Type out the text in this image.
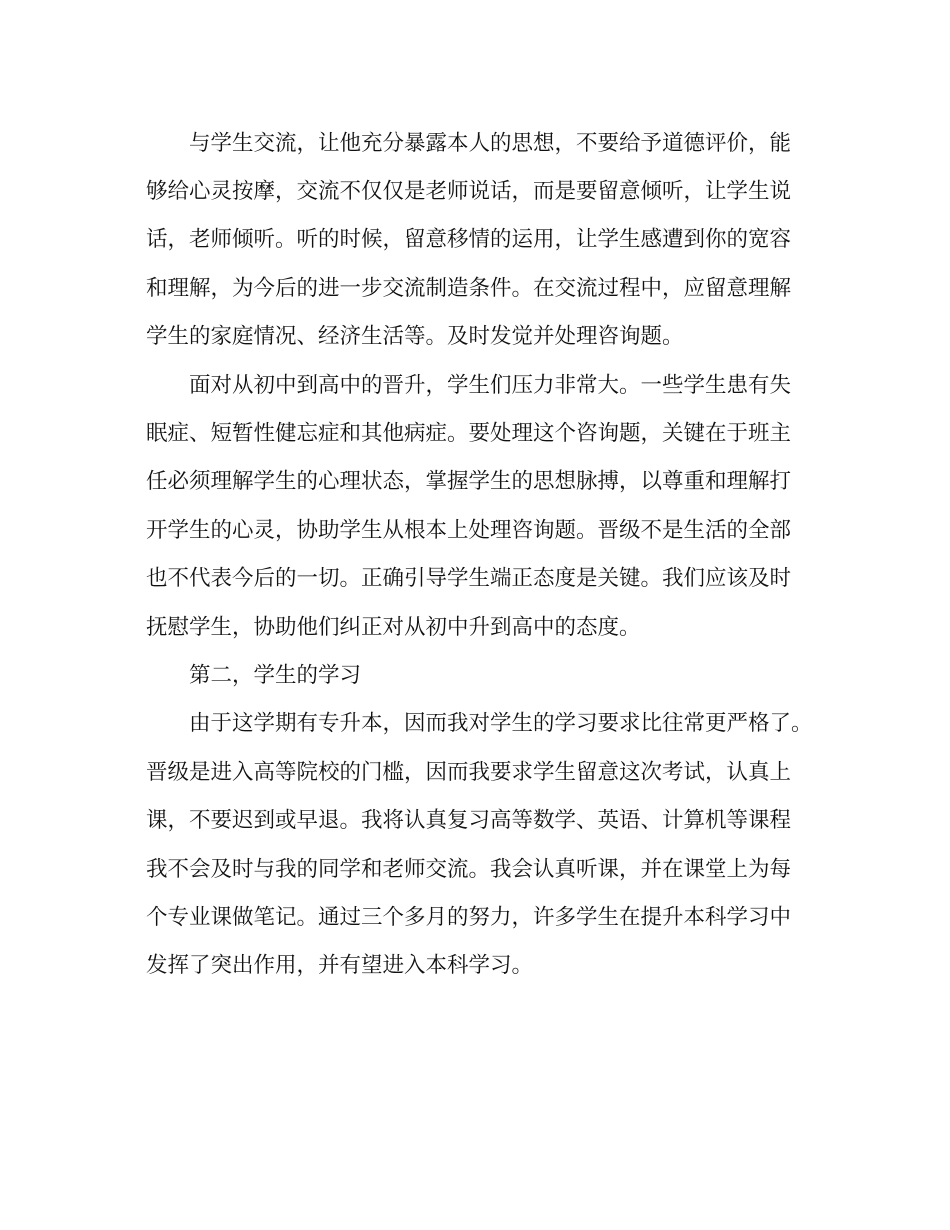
与学生交流，让他充分暴露本人的思想，不要给予道德评价，能
够给心灵按摩，交流不仅仅是老师说话，而是要留意倾听，让学生说
话，老师倾听。听的时候，留意移情的运用，让学生感遭到你的宽容
和理解，为今后的进一步交流制造条件。在交流过程中，应留意理解
学生的家庭情况、经济生活等。及时发觉并处理咨询题。
面对从初中到高中的晋升，学生们压力非常大。一些学生患有失
眠症、短暂性健忘症和其他病症。要处理这个咨询题，关键在于班主
任必须理解学生的心理状态，掌握学生的思想脉搏，以尊重和理解打
开学生的心灵，协助学生从根本上处理咨询题。晋级不是生活的全部
也不代表今后的一切。正确引导学生端正态度是关键。我们应该及时
抚慰学生，协助他们纠正对从初中升到高中的态度。
第二，学生的学习
由于这学期有专升本，因而我对学生的学习要求比往常更严格了。
晋级是进入高等院校的门槛，因而我要求学生留意这次考试，认真上
课，不要迟到或早退。我将认真复习高等数学、英语、计算机等课程
我不会及时与我的同学和老师交流。我会认真听课，并在课堂上为每
个专业课做笔记。通过三个多月的努力，许多学生在提升本科学习中
发挥了突出作用，并有望进入本科学习。
